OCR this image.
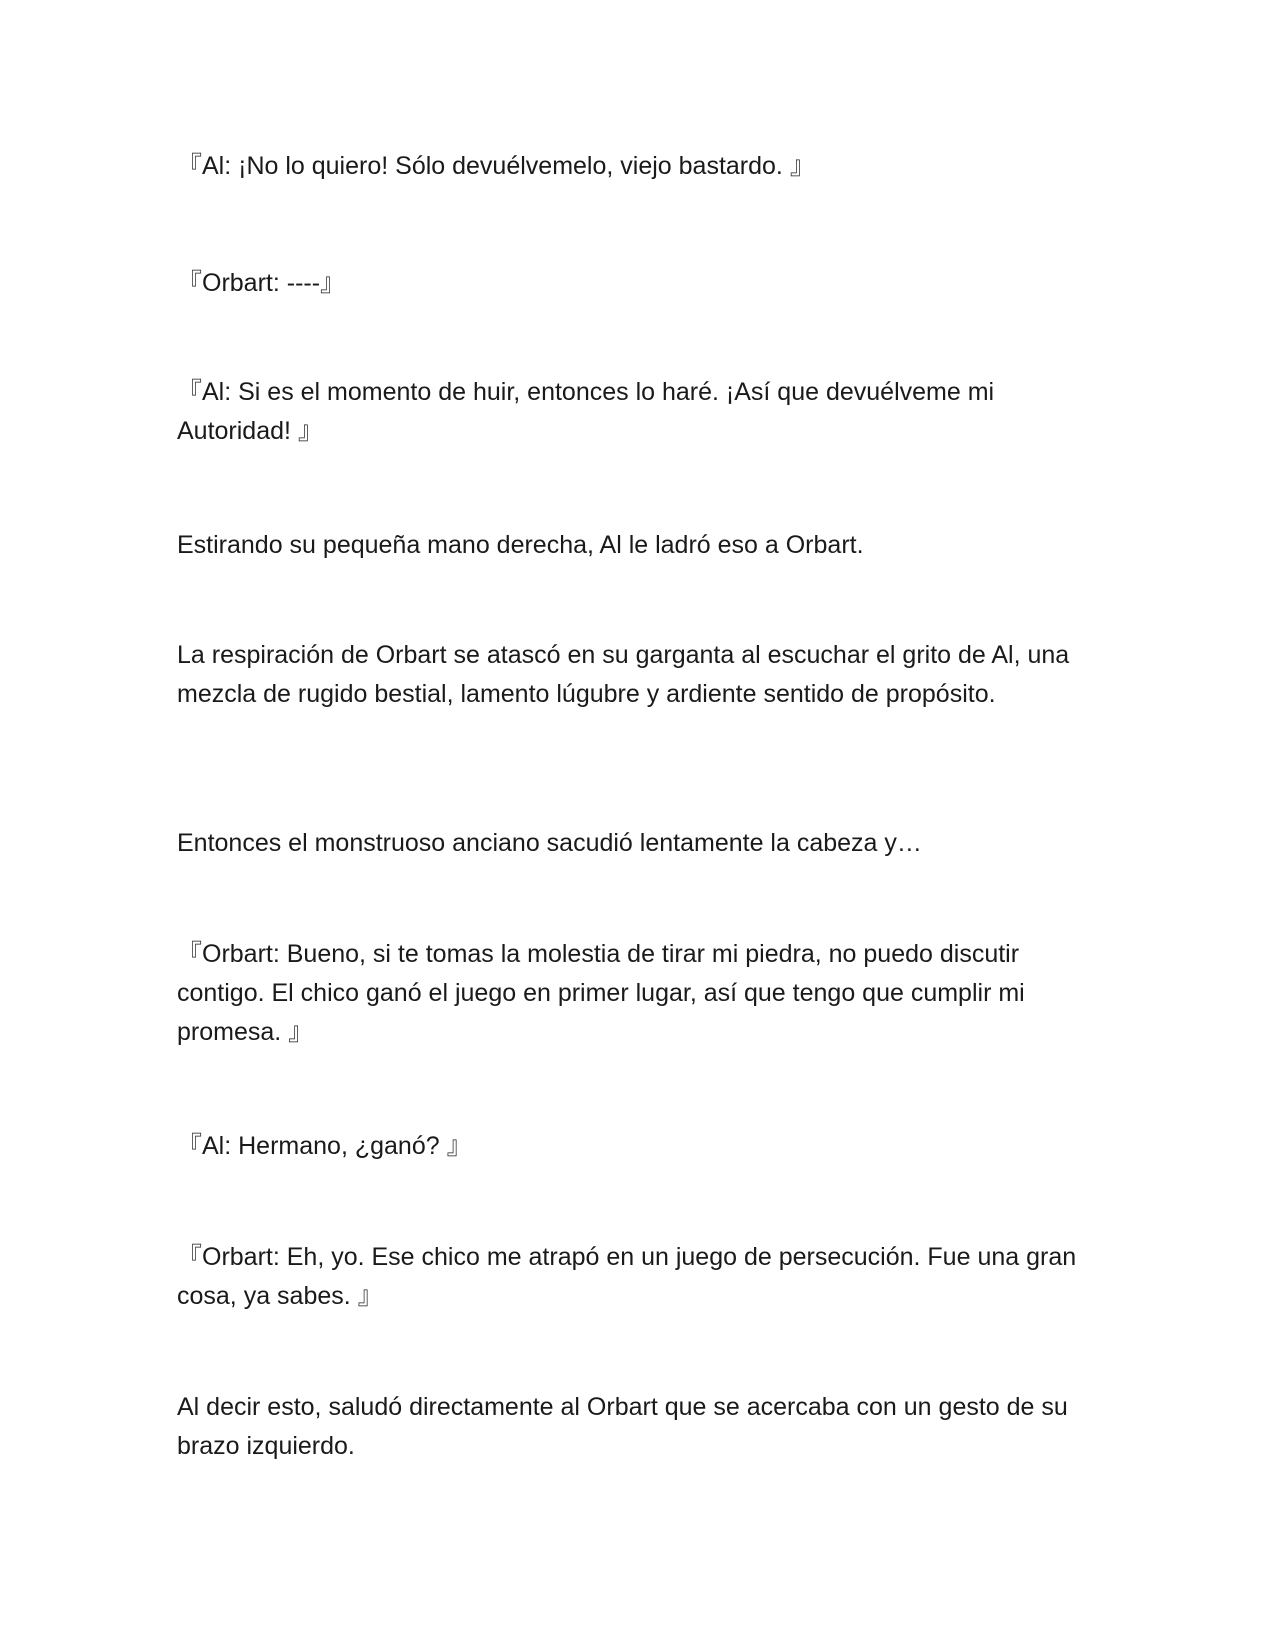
『Al: ¡No lo quiero! Sólo devuélvemelo, viejo bastardo. 』

『Orbart: ----』

『Al: Si es el momento de huir, entonces lo haré. ¡Así que devuélveme mi Autoridad! 』

Estirando su pequeña mano derecha, Al le ladró eso a Orbart.

La respiración de Orbart se atascó en su garganta al escuchar el grito de Al, una mezcla de rugido bestial, lamento lúgubre y ardiente sentido de propósito.

Entonces el monstruoso anciano sacudió lentamente la cabeza y…

『Orbart: Bueno, si te tomas la molestia de tirar mi piedra, no puedo discutir contigo. El chico ganó el juego en primer lugar, así que tengo que cumplir mi promesa. 』

『Al: Hermano, ¿ganó? 』

『Orbart: Eh, yo. Ese chico me atrapó en un juego de persecución. Fue una gran cosa, ya sabes. 』

Al decir esto, saludó directamente al Orbart que se acercaba con un gesto de su brazo izquierdo.
